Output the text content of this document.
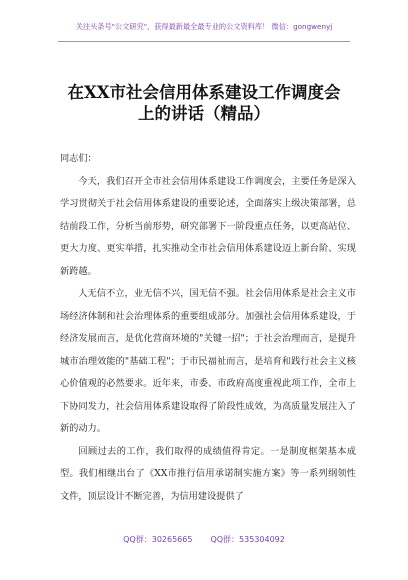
关注头条号"公文研究"，获得最新最全最专业的公文资料库！ 微信：gongwenyj
在XX市社会信用体系建设工作调度会
上的讲话（精品）

同志们：

今天，我们召开全市社会信用体系建设工作调度会，主要任务是深入学习贯彻关于社会信用体系建设的重要论述，全面落实上级决策部署，总结前段工作，分析当前形势，研究部署下一阶段重点任务，以更高站位、更大力度、更实举措，扎实推动全市社会信用体系建设迈上新台阶、实现新跨越。

人无信不立，业无信不兴，国无信不强。社会信用体系是社会主义市场经济体制和社会治理体系的重要组成部分。加强社会信用体系建设，于经济发展而言，是优化营商环境的"关键一招"；于社会治理而言，是提升城市治理效能的"基础工程"；于市民福祉而言，是培育和践行社会主义核心价值观的必然要求。近年来，市委、市政府高度重视此项工作，全市上下协同发力，社会信用体系建设取得了阶段性成效，为高质量发展注入了新的动力。

回顾过去的工作，我们取得的成绩值得肯定。一是制度框架基本成型。我们相继出台了《XX市推行信用承诺制实施方案》等一系列纲领性文件，顶层设计不断完善，为信用建设提供了

QQ群：30265665 QQ群：535304092
